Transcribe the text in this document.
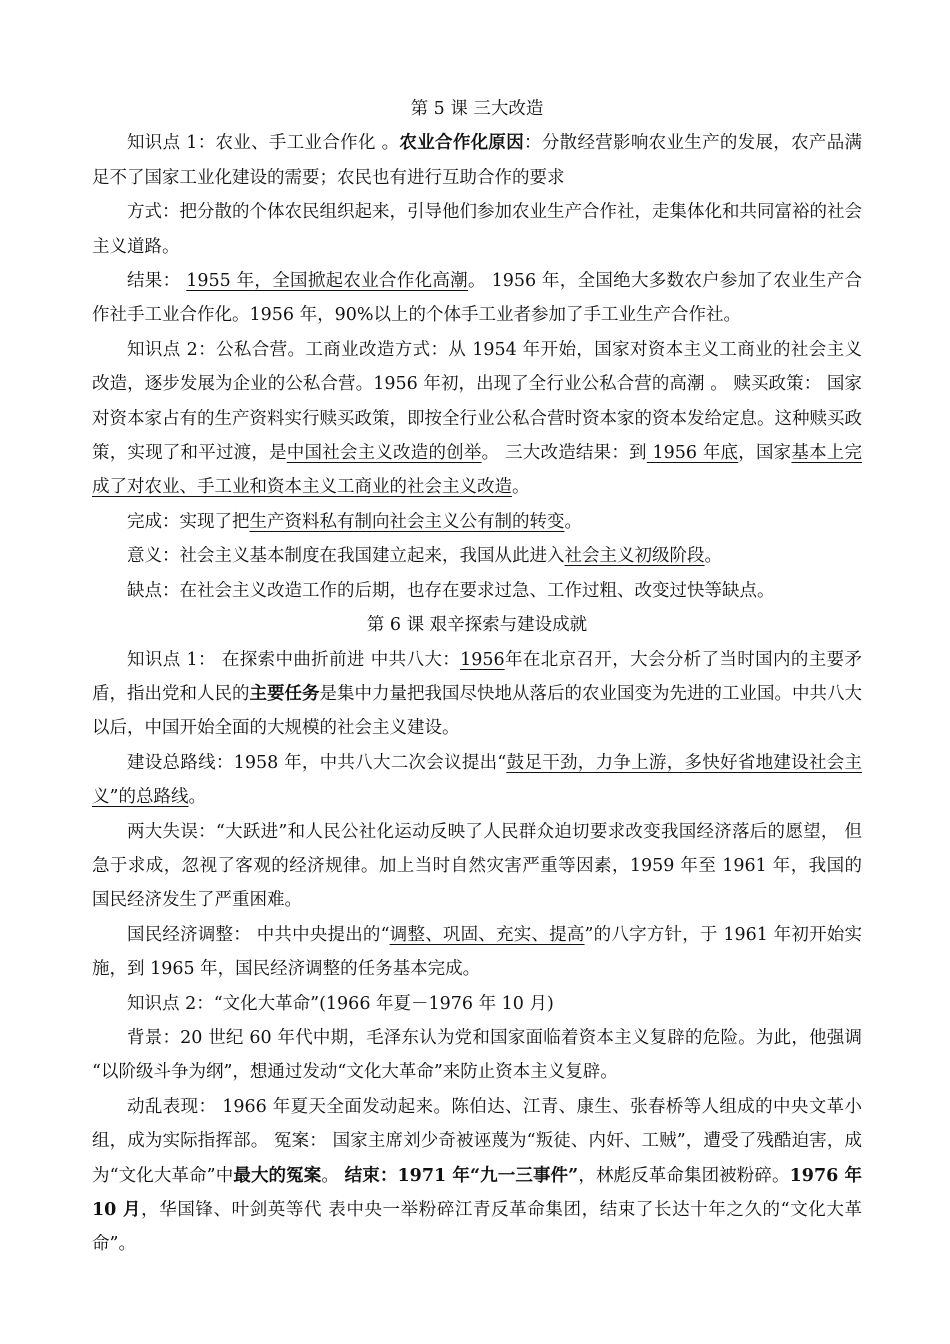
第 5 课 三大改造

知识点 1：农业、手工业合作化 。农业合作化原因：分散经营影响农业生产的发展，农产品满足不了国家工业化建设的需要；农民也有进行互助合作的要求

方式：把分散的个体农民组织起来，引导他们参加农业生产合作社，走集体化和共同富裕的社会主义道路。

结果： 1955 年，全国掀起农业合作化高潮。 1956 年，全国绝大多数农户参加了农业生产合作社手工业合作化。1956 年，90%以上的个体手工业者参加了手工业生产合作社。

知识点 2：公私合营。工商业改造方式：从 1954 年开始，国家对资本主义工商业的社会主义改造，逐步发展为企业的公私合营。1956 年初，出现了全行业公私合营的高潮 。 赎买政策： 国家对资本家占有的生产资料实行赎买政策，即按全行业公私合营时资本家的资本发给定息。这种赎买政策，实现了和平过渡，是中国社会主义改造的创举。 三大改造结果：到 1956 年底，国家基本上完成了对农业、手工业和资本主义工商业的社会主义改造。

完成：实现了把生产资料私有制向社会主义公有制的转变。

意义：社会主义基本制度在我国建立起来，我国从此进入社会主义初级阶段。

缺点：在社会主义改造工作的后期，也存在要求过急、工作过粗、改变过快等缺点。

第 6 课 艰辛探索与建设成就

知识点 1： 在探索中曲折前进 中共八大：1956年在北京召开，大会分析了当时国内的主要矛盾，指出党和人民的主要任务是集中力量把我国尽快地从落后的农业国变为先进的工业国。中共八大以后，中国开始全面的大规模的社会主义建设。

建设总路线：1958 年，中共八大二次会议提出“鼓足干劲，力争上游，多快好省地建设社会主义”的总路线。

两大失误：“大跃进”和人民公社化运动反映了人民群众迫切要求改变我国经济落后的愿望， 但急于求成，忽视了客观的经济规律。加上当时自然灾害严重等因素，1959 年至 1961 年，我国的国民经济发生了严重困难。

国民经济调整： 中共中央提出的“调整、巩固、充实、提高”的八字方针，于 1961 年初开始实施，到 1965 年，国民经济调整的任务基本完成。

知识点 2：“文化大革命”(1966 年夏－1976 年 10 月)

背景：20 世纪 60 年代中期，毛泽东认为党和国家面临着资本主义复辟的危险。为此，他强调 “以阶级斗争为纲”，想通过发动“文化大革命”来防止资本主义复辟。

动乱表现： 1966 年夏天全面发动起来。陈伯达、江青、康生、张春桥等人组成的中央文革小组，成为实际指挥部。 冤案： 国家主席刘少奇被诬蔑为“叛徒、内奸、工贼”，遭受了残酷迫害，成为“文化大革命”中最大的冤案。 结束：1971 年“九一三事件”，林彪反革命集团被粉碎。1976 年 10 月，华国锋、叶剑英等代 表中央一举粉碎江青反革命集团，结束了长达十年之久的“文化大革命”。
